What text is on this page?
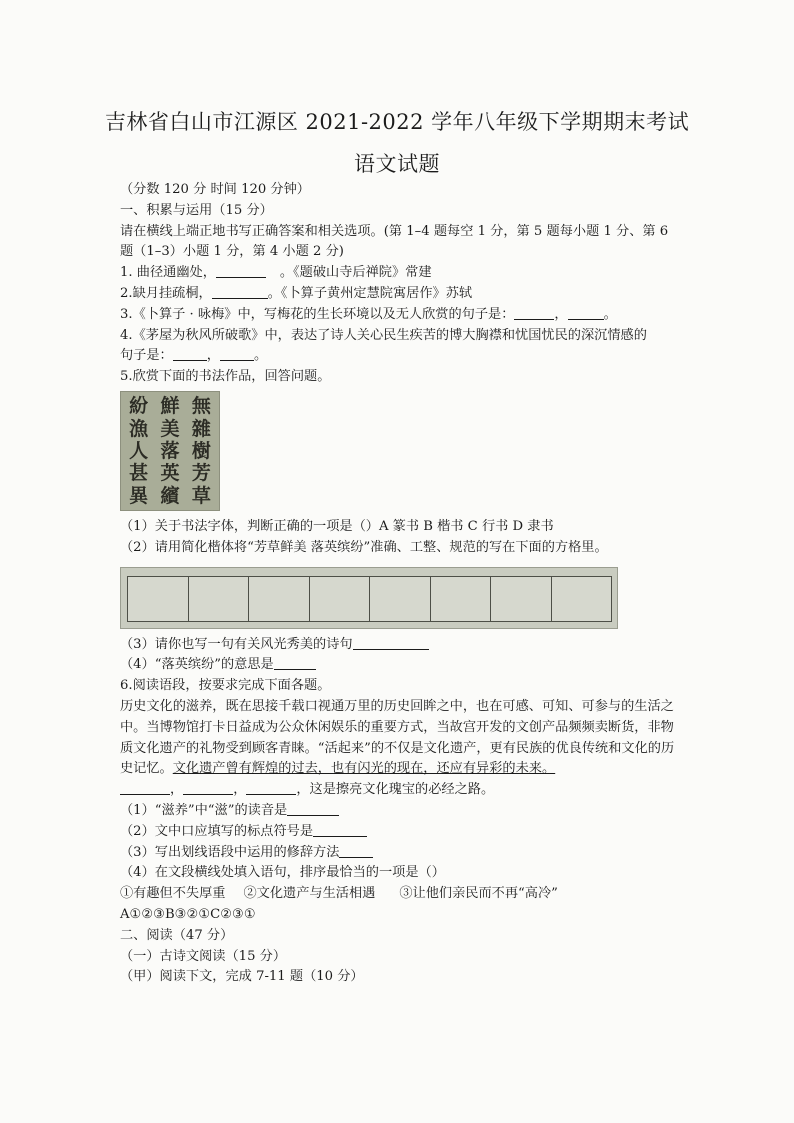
吉林省白山市江源区 2021-2022 学年八年级下学期期末考试
语文试题
（分数 120 分 时间 120 分钟）
一、积累与运用（15 分）
请在横线上端正地书写正确答案和相关选项。(第 1–4 题每空 1 分，第 5 题每小题 1 分、第 6 题（1–3）小题 1 分，第 4 小题 2 分)
1. 曲径通幽处，	。《题破山寺后禅院》常建
2.缺月挂疏桐，	。《卜算子黄州定慧院寓居作》苏轼
3.《卜算子 · 咏梅》中，写梅花的生长环境以及无人欣赏的句子是：	，	。
4.《茅屋为秋风所破歌》中，表达了诗人关心民生疾苦的博大胸襟和忧国忧民的深沉情感的
句子是：	，	。
5.欣赏下面的书法作品，回答问题。
無
雜
樹
芳
草
鮮
美
落
英
繽
紛
漁
人
甚
異
（1）关于书法字体，判断正确的一项是（）A 篆书 B 楷书 C 行书 D 隶书
（2）请用简化楷体将“芳草鲜美 落英缤纷”准确、工整、规范的写在下面的方格里。
（3）请你也写一句有关风光秀美的诗句
（4）“落英缤纷”的意思是
6.阅读语段，按要求完成下面各题。
历史文化的滋养，既在思接千载口视通万里的历史回眸之中，也在可感、可知、可参与的生活之中。当博物馆打卡日益成为公众休闲娱乐的重要方式，当故宫开发的文创产品频频卖断货，非物质文化遗产的礼物受到顾客青睐。“活起来”的不仅是文化遗产，更有民族的优良传统和文化的历史记忆。文化遗产曾有辉煌的过去，也有闪光的现在，还应有异彩的未来。
，	，	，这是擦亮文化瑰宝的必经之路。
（1）“滋养”中“滋”的读音是
（2）文中口应填写的标点符号是
（3）写出划线语段中运用的修辞方法
（4）在文段横线处填入语句，排序最恰当的一项是（）
①有趣但不失厚重 ②文化遗产与生活相遇 ③让他们亲民而不再“高冷”
A①②③B③②①C②③①
二、阅读（47 分）
（一）古诗文阅读（15 分）
（甲）阅读下文，完成 7-11 题（10 分）
